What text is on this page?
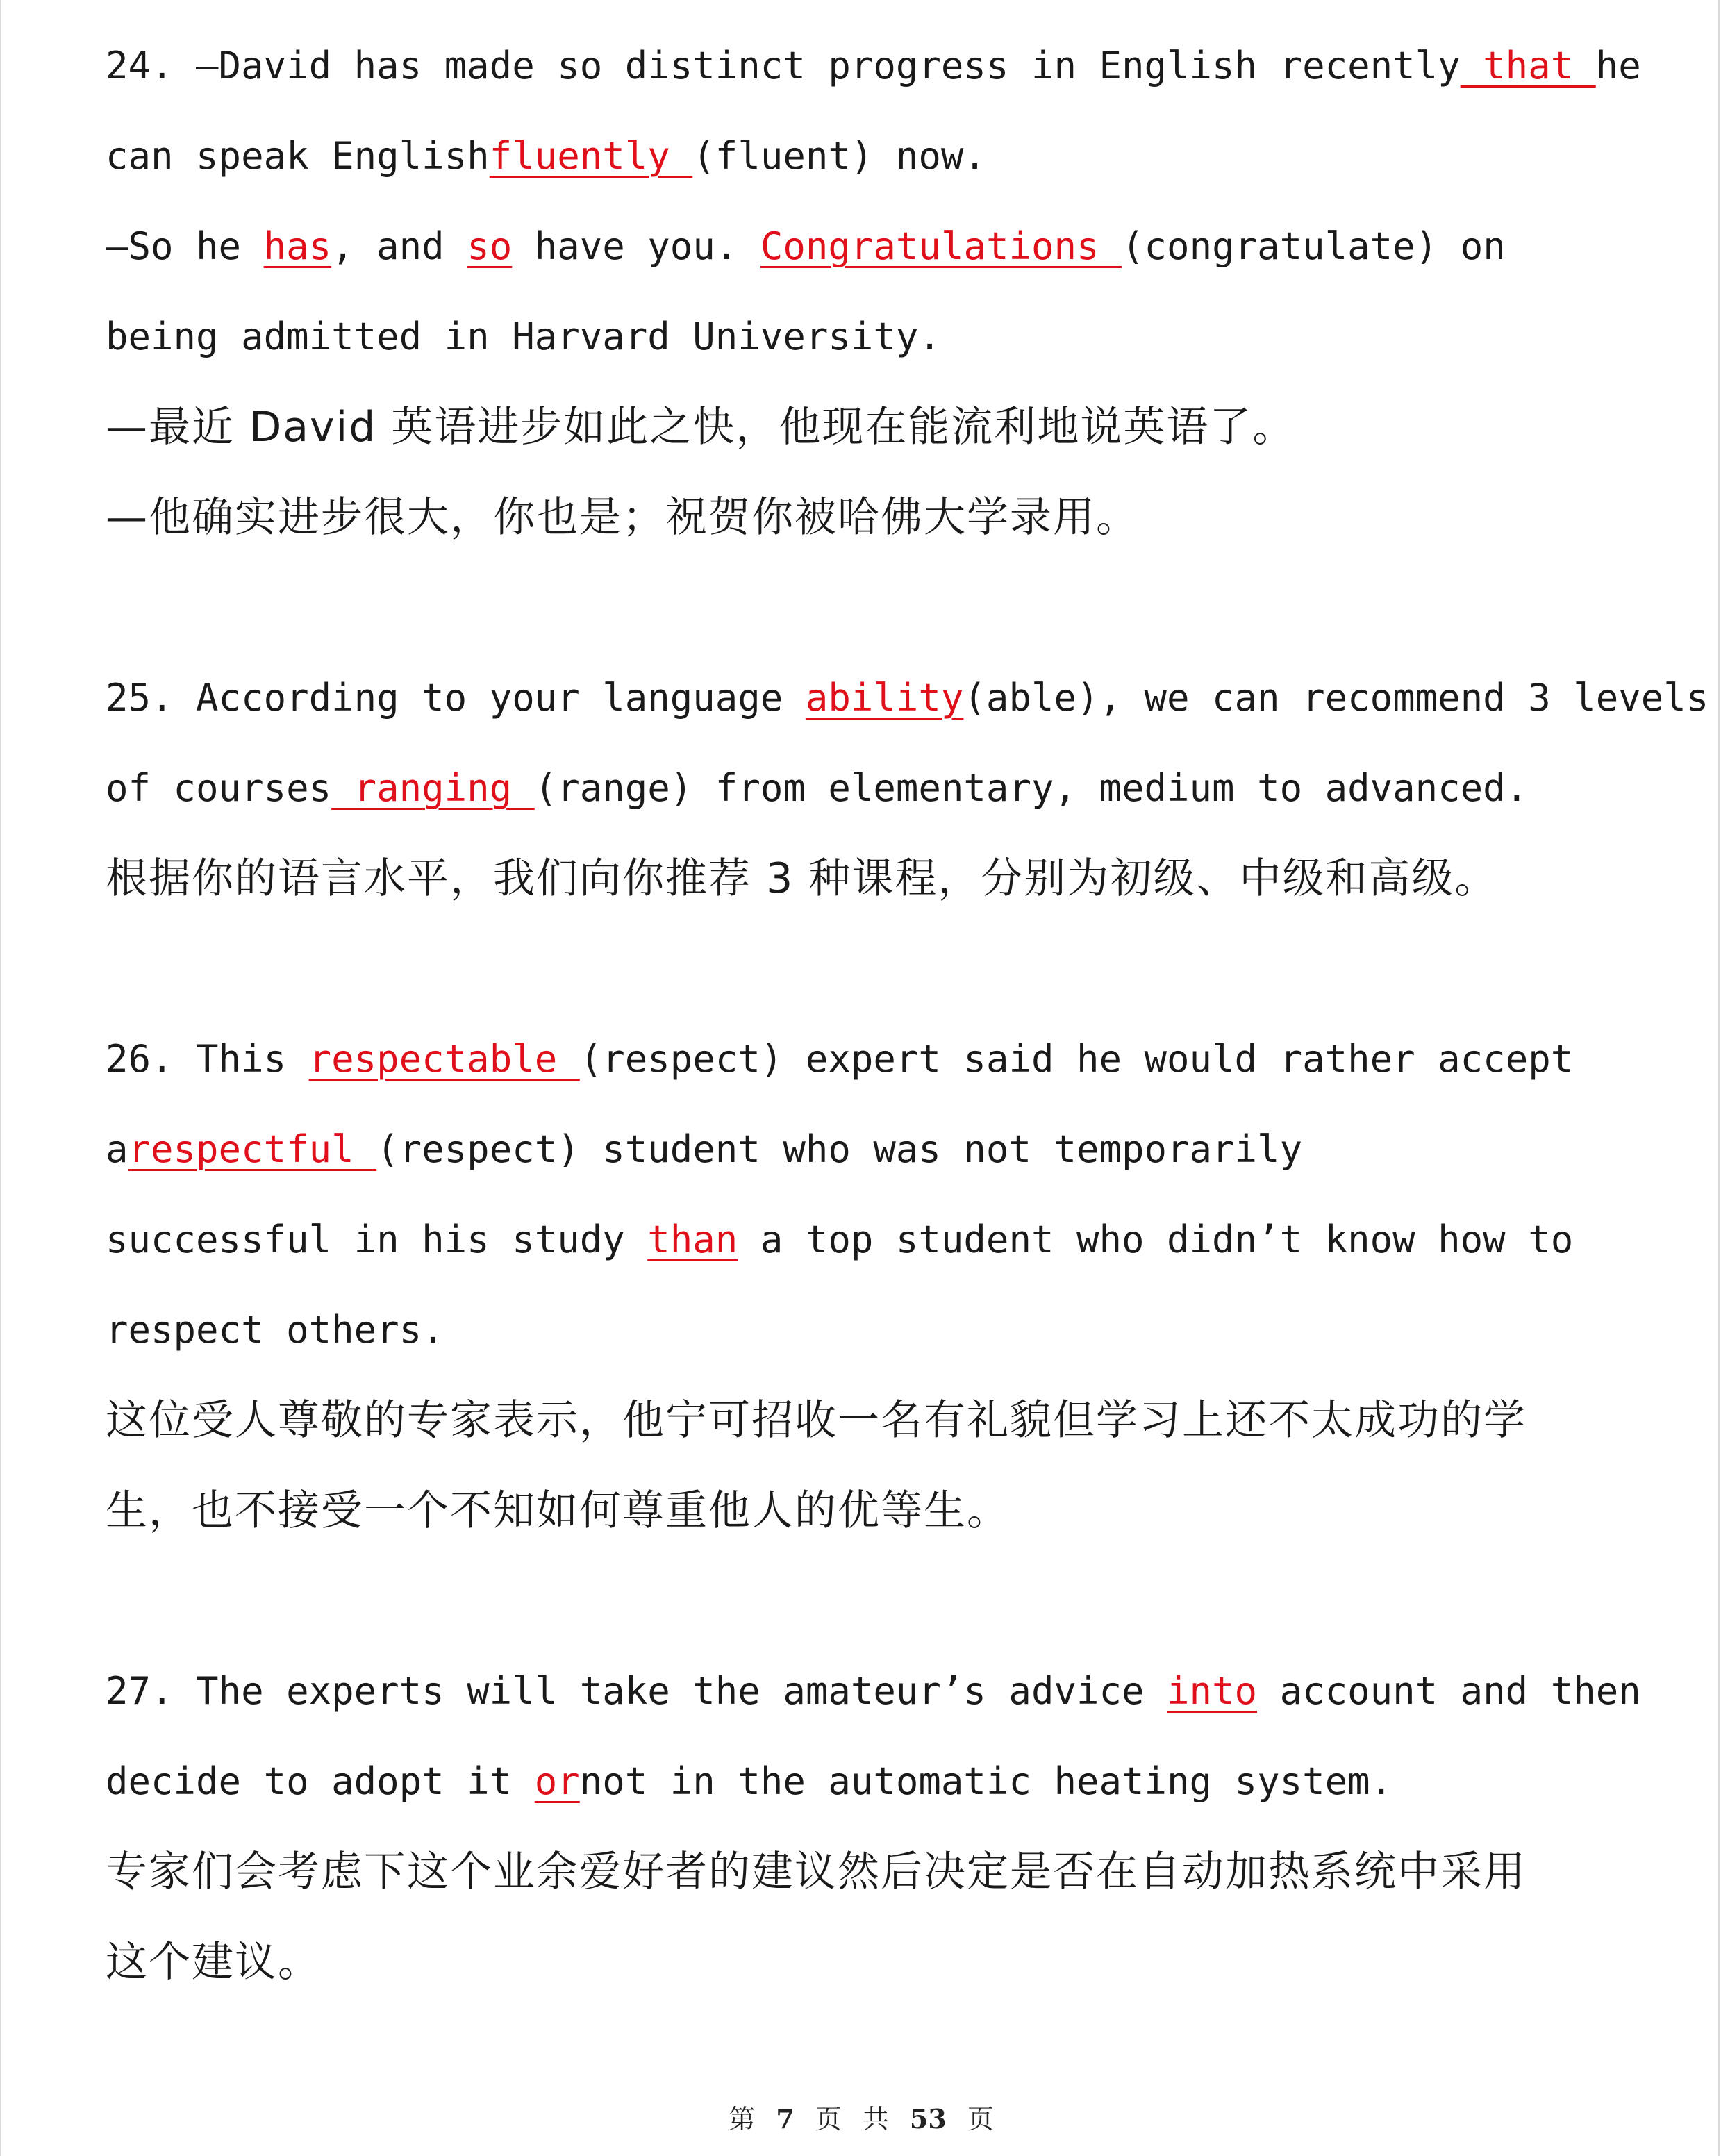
24. —David has made so distinct progress in English recently that he
can speak Englishfluently (fluent) now.
—So he has, and so have you. Congratulations (congratulate) on
being admitted in Harvard University.
—最近 David 英语进步如此之快，他现在能流利地说英语了。
—他确实进步很大，你也是；祝贺你被哈佛大学录用。
25. According to your language ability(able), we can recommend 3 levels
of courses ranging (range) from elementary, medium to advanced.
根据你的语言水平，我们向你推荐 3 种课程，分别为初级、中级和高级。
26. This respectable (respect) expert said he would rather accept
arespectful (respect) student who was not temporarily
successful in his study than a top student who didn’t know how to
respect others.
这位受人尊敬的专家表示，他宁可招收一名有礼貌但学习上还不太成功的学
生，也不接受一个不知如何尊重他人的优等生。
27. The experts will take the amateur’s advice into account and then
decide to adopt it ornot in the automatic heating system.
专家们会考虑下这个业余爱好者的建议然后决定是否在自动加热系统中采用
这个建议。
第 7 页 共 53 页
